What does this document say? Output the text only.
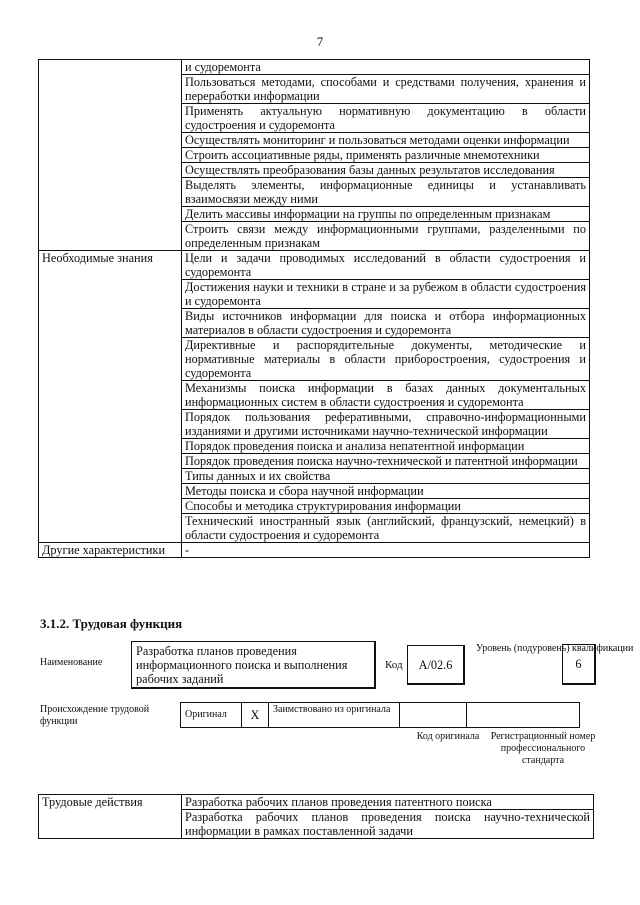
7
	и судоремонта
	Пользоваться методами, способами и средствами получения, хранения и переработки информации
	Применять актуальную нормативную документацию в области судостроения и судоремонта
	Осуществлять мониторинг и пользоваться методами оценки информации
	Строить ассоциативные ряды, применять различные мнемотехники
	Осуществлять преобразования базы данных результатов исследования
	Выделять элементы, информационные единицы и устанавливать взаимосвязи между ними
	Делить массивы информации на группы по определенным признакам
	Строить связи между информационными группами, разделенными по определенным признакам
Необходимые знания	Цели и задачи проводимых исследований в области судостроения и судоремонта
	Достижения науки и техники в стране и за рубежом в области судостроения и судоремонта
	Виды источников информации для поиска и отбора информационных материалов в области судостроения и судоремонта
	Директивные и распорядительные документы, методические и нормативные материалы в области приборостроения, судостроения и судоремонта
	Механизмы поиска информации в базах данных документальных информационных систем в области судостроения и судоремонта
	Порядок пользования реферативными, справочно-информационными изданиями и другими источниками научно-технической информации
	Порядок проведения поиска и анализа непатентной информации
	Порядок проведения поиска научно-технической и патентной информации
	Типы данных и их свойства
	Методы поиска и сбора научной информации
	Способы и методика структурирования информации
	Технический иностранный язык (английский, французский, немецкий) в области судостроения и судоремонта
Другие характеристики	-
3.1.2. Трудовая функция
Наименование
Разработка планов проведения информационного поиска и выполнения рабочих заданий
Код	А/02.6
Уровень (подуровень) квалификации
6
Происхождение трудовой функции
Оригинал	Х	Заимствовано из оригинала		
Код оригинала Регистрационный номер профессионального стандарта
Трудовые действия	Разработка рабочих планов проведения патентного поиска
	Разработка рабочих планов проведения поиска научно-технической информации в рамках поставленной задачи
